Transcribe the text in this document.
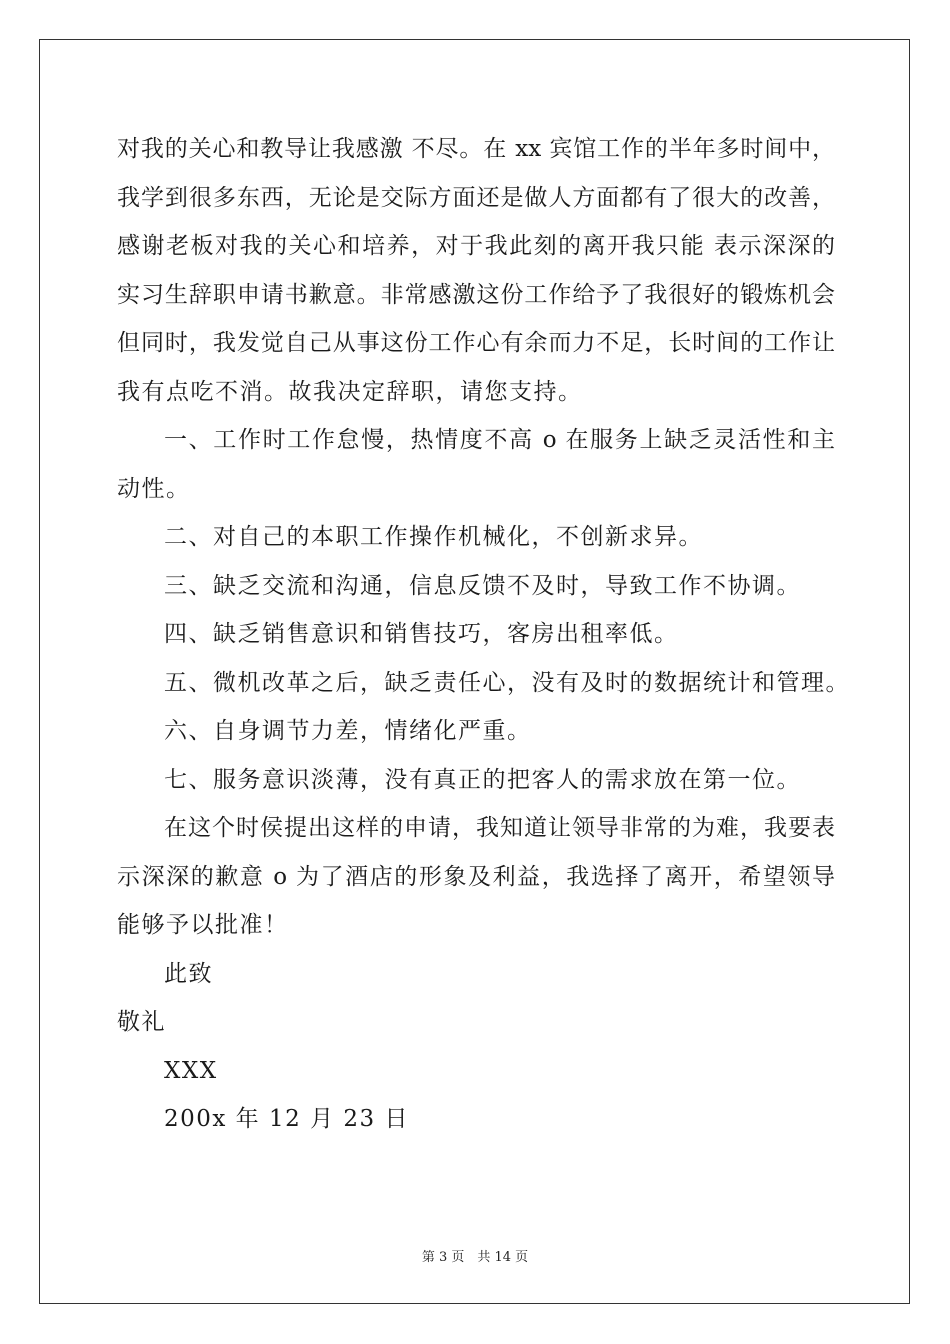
对我的关心和教导让我感激 不尽。在 xx 宾馆工作的半年多时间中，
我学到很多东西，无论是交际方面还是做人方面都有了很大的改善，
感谢老板对我的关心和培养，对于我此刻的离开我只能 表示深深的
实习生辞职申请书歉意。非常感激这份工作给予了我很好的锻炼机会
但同时，我发觉自己从事这份工作心有余而力不足，长时间的工作让
我有点吃不消。故我决定辞职，请您支持。
一、工作时工作怠慢，热情度不高 o 在服务上缺乏灵活性和主
动性。
二、对自己的本职工作操作机械化，不创新求异。
三、缺乏交流和沟通，信息反馈不及时，导致工作不协调。
四、缺乏销售意识和销售技巧，客房出租率低。
五、微机改革之后，缺乏责任心，没有及时的数据统计和管理。
六、自身调节力差，情绪化严重。
七、服务意识淡薄，没有真正的把客人的需求放在第一位。
在这个时侯提出这样的申请，我知道让领导非常的为难，我要表
示深深的歉意 o 为了酒店的形象及利益，我选择了离开，希望领导
能够予以批准！
此致
敬礼
XXX
200x 年 12 月 23 日
第 3 页　共 14 页
